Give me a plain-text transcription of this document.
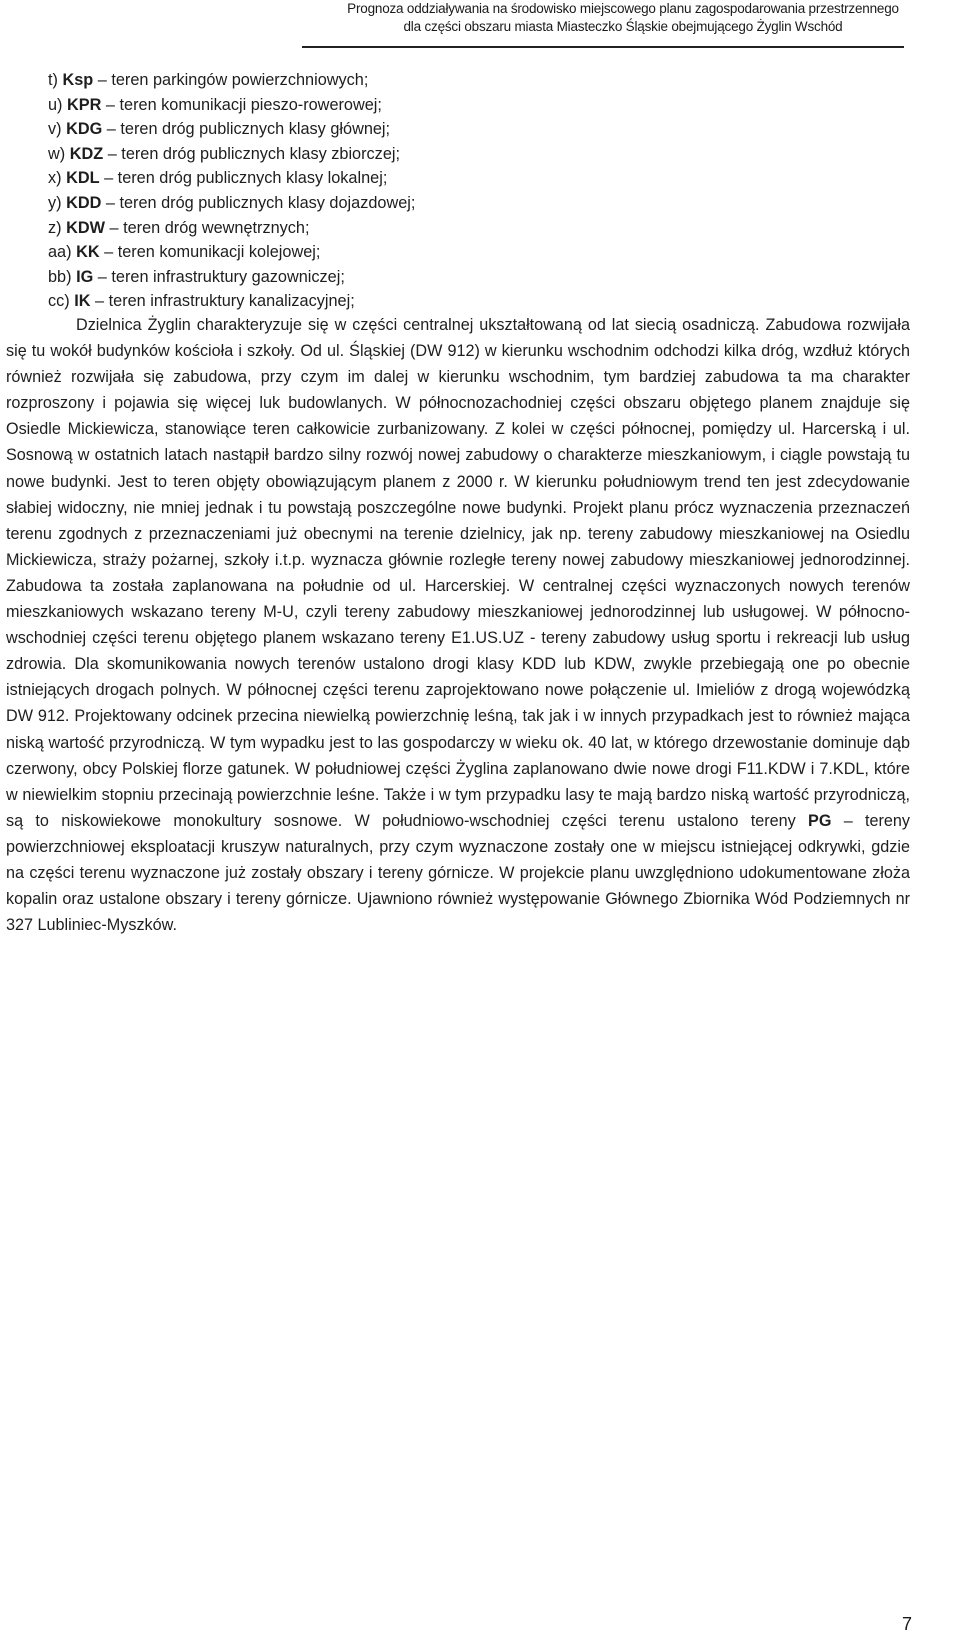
Prognoza oddziaływania na środowisko miejscowego planu zagospodarowania przestrzennego
dla części obszaru miasta Miasteczko Śląskie obejmującego Żyglin Wschód
t) Ksp – teren parkingów powierzchniowych;
u) KPR – teren komunikacji pieszo-rowerowej;
v) KDG – teren dróg publicznych klasy głównej;
w) KDZ – teren dróg publicznych klasy zbiorczej;
x) KDL – teren dróg publicznych klasy lokalnej;
y) KDD – teren dróg publicznych klasy dojazdowej;
z) KDW – teren dróg wewnętrznych;
aa) KK – teren komunikacji kolejowej;
bb) IG – teren infrastruktury gazowniczej;
cc) IK – teren infrastruktury kanalizacyjnej;

Dzielnica Żyglin charakteryzuje się w części centralnej ukształtowaną od lat siecią osadniczą. Zabudowa rozwijała się tu wokół budynków kościoła i szkoły. Od ul. Śląskiej (DW 912) w kierunku wschodnim odchodzi kilka dróg, wzdłuż których również rozwijała się zabudowa, przy czym im dalej w kierunku wschodnim, tym bardziej zabudowa ta ma charakter rozproszony i pojawia się więcej luk budowlanych. W północnozachodniej części obszaru objętego planem znajduje się Osiedle Mickiewicza, stanowiące teren całkowicie zurbanizowany. Z kolei w części północnej, pomiędzy ul. Harcerską i ul. Sosnową w ostatnich latach nastąpił bardzo silny rozwój nowej zabudowy o charakterze mieszkaniowym, i ciągle powstają tu nowe budynki. Jest to teren objęty obowiązującym planem z 2000 r. W kierunku południowym trend ten jest zdecydowanie słabiej widoczny, nie mniej jednak i tu powstają poszczególne nowe budynki. Projekt planu prócz wyznaczenia przeznaczeń terenu zgodnych z przeznaczeniami już obecnymi na terenie dzielnicy, jak np. tereny zabudowy mieszkaniowej na Osiedlu Mickiewicza, straży pożarnej, szkoły i.t.p. wyznacza głównie rozległe tereny nowej zabudowy mieszkaniowej jednorodzinnej. Zabudowa ta została zaplanowana na południe od ul. Harcerskiej. W centralnej części wyznaczonych nowych terenów mieszkaniowych wskazano tereny M-U, czyli tereny zabudowy mieszkaniowej jednorodzinnej lub usługowej. W północno-wschodniej części terenu objętego planem wskazano tereny E1.US.UZ - tereny zabudowy usług sportu i rekreacji lub usług zdrowia. Dla skomunikowania nowych terenów ustalono drogi klasy KDD lub KDW, zwykle przebiegają one po obecnie istniejących drogach polnych. W północnej części terenu zaprojektowano nowe połączenie ul. Imieliów z drogą wojewódzką DW 912. Projektowany odcinek przecina niewielką powierzchnię leśną, tak jak i w innych przypadkach jest to również mająca niską wartość przyrodniczą. W tym wypadku jest to las gospodarczy w wieku ok. 40 lat, w którego drzewostanie dominuje dąb czerwony, obcy Polskiej florze gatunek. W południowej części Żyglina zaplanowano dwie nowe drogi F11.KDW i 7.KDL, które w niewielkim stopniu przecinają powierzchnie leśne. Także i w tym przypadku lasy te mają bardzo niską wartość przyrodniczą, są to niskowiekowe monokultury sosnowe. W południowo-wschodniej części terenu ustalono tereny PG – tereny powierzchniowej eksploatacji kruszyw naturalnych, przy czym wyznaczone zostały one w miejscu istniejącej odkrywki, gdzie na części terenu wyznaczone już zostały obszary i tereny górnicze. W projekcie planu uwzględniono udokumentowane złoża kopalin oraz ustalone obszary i tereny górnicze. Ujawniono również występowanie Głównego Zbiornika Wód Podziemnych nr 327 Lubliniec-Myszków.

7
